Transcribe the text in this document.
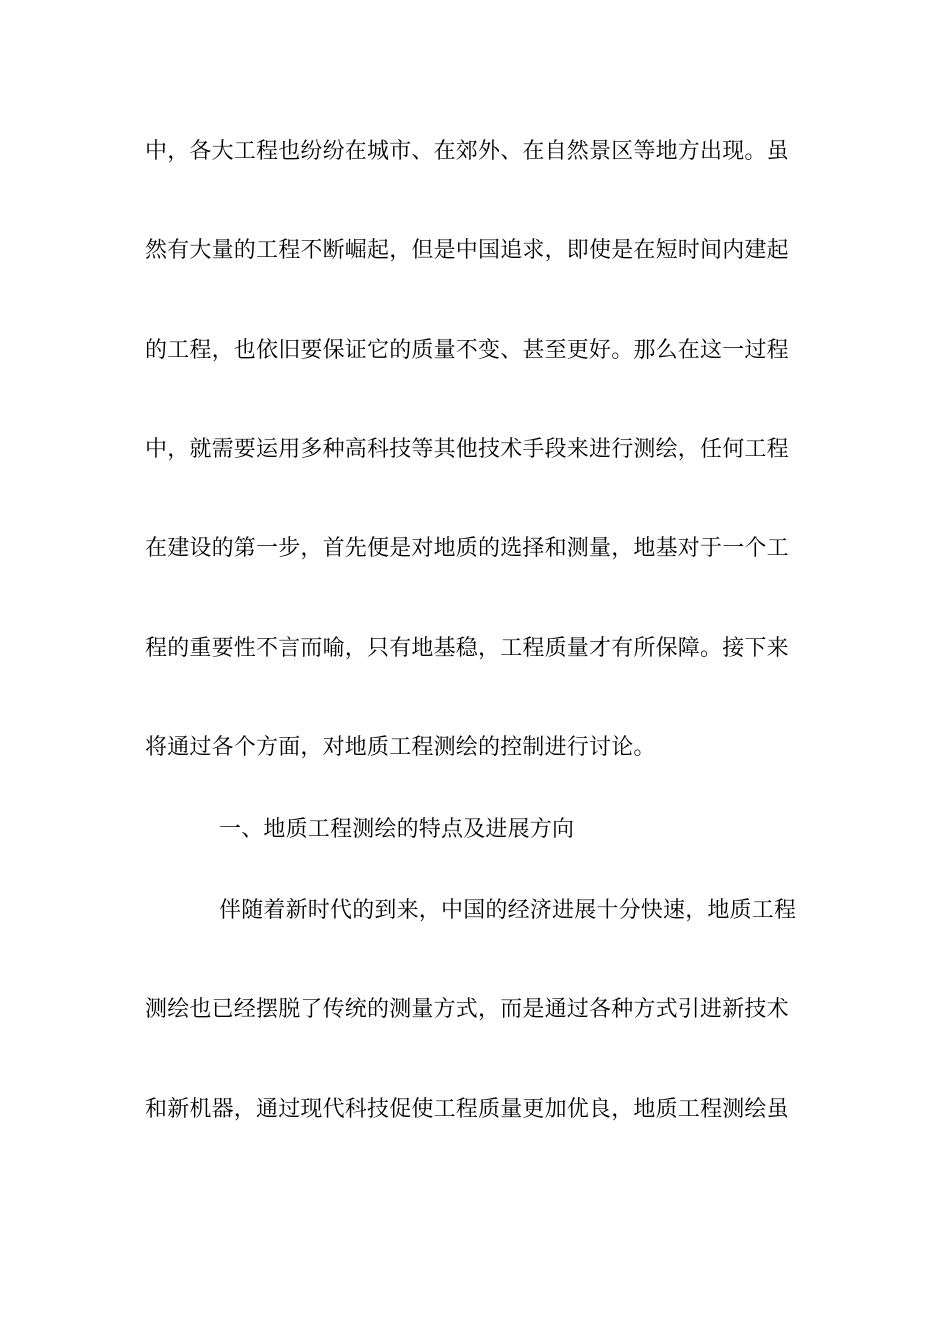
中，各大工程也纷纷在城市、在郊外、在自然景区等地方出现。虽
然有大量的工程不断崛起，但是中国追求，即使是在短时间内建起
的工程，也依旧要保证它的质量不变、甚至更好。那么在这一过程
中，就需要运用多种高科技等其他技术手段来进行测绘，任何工程
在建设的第一步，首先便是对地质的选择和测量，地基对于一个工
程的重要性不言而喻，只有地基稳，工程质量才有所保障。接下来
将通过各个方面，对地质工程测绘的控制进行讨论。
一、地质工程测绘的特点及进展方向
伴随着新时代的到来，中国的经济进展十分快速，地质工程
测绘也已经摆脱了传统的测量方式，而是通过各种方式引进新技术
和新机器，通过现代科技促使工程质量更加优良，地质工程测绘虽
